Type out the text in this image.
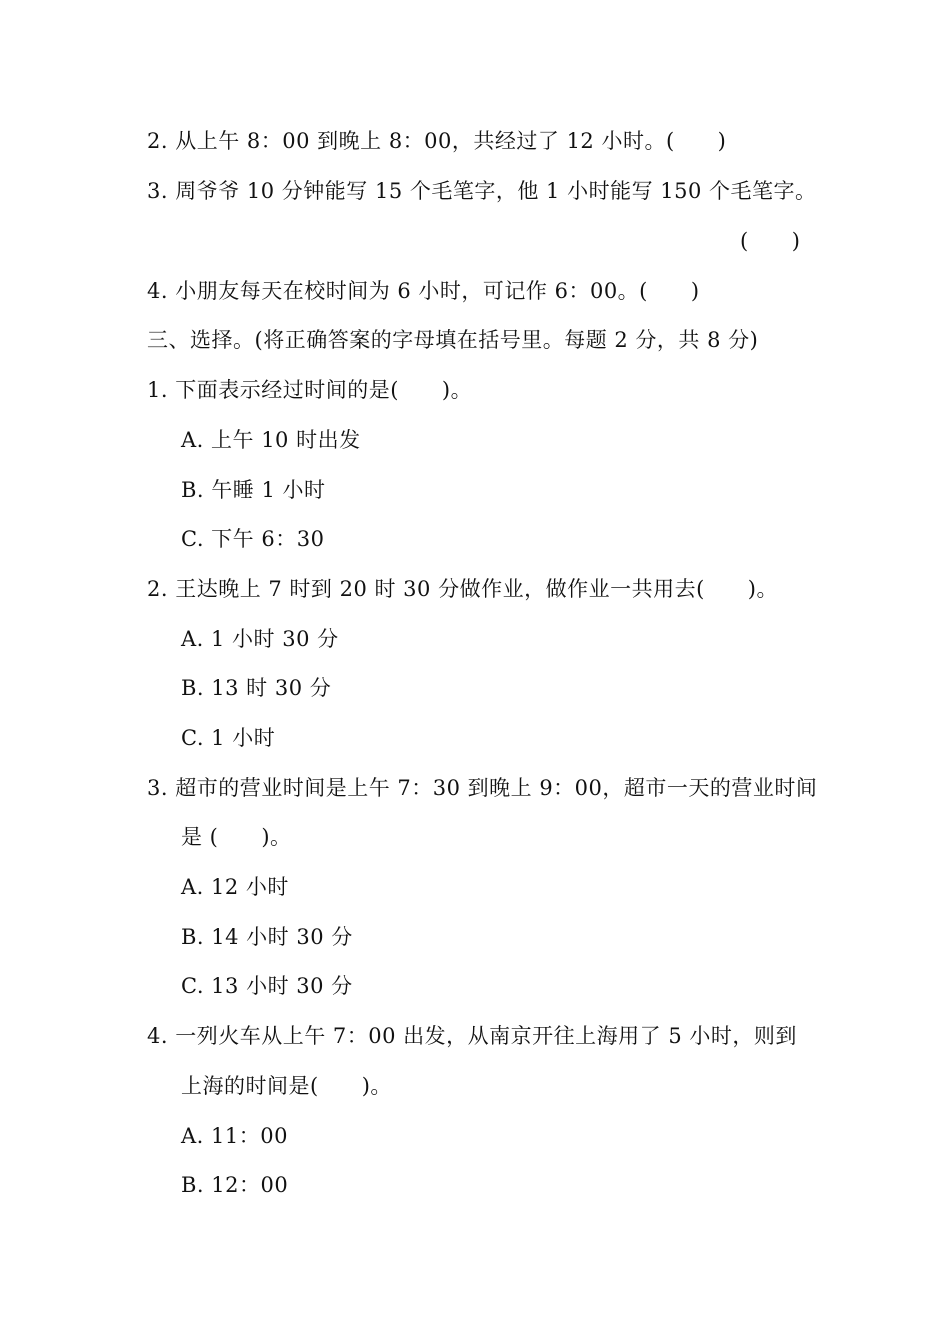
2. 从上午 8：00 到晚上 8：00，共经过了 12 小时。(　　)
3. 周爷爷 10 分钟能写 15 个毛笔字，他 1 小时能写 150 个毛笔字。
(　　)
4. 小朋友每天在校时间为 6 小时，可记作 6：00。(　　)
三、选择。(将正确答案的字母填在括号里。每题 2 分，共 8 分)
1. 下面表示经过时间的是(　　)。
A. 上午 10 时出发
B. 午睡 1 小时
C. 下午 6：30
2. 王达晚上 7 时到 20 时 30 分做作业，做作业一共用去(　　)。
A. 1 小时 30 分
B. 13 时 30 分
C. 1 小时
3. 超市的营业时间是上午 7：30 到晚上 9：00，超市一天的营业时间
是 (　　)。
A. 12 小时
B. 14 小时 30 分
C. 13 小时 30 分
4. 一列火车从上午 7：00 出发，从南京开往上海用了 5 小时，则到
上海的时间是(　　)。
A. 11：00
B. 12：00
